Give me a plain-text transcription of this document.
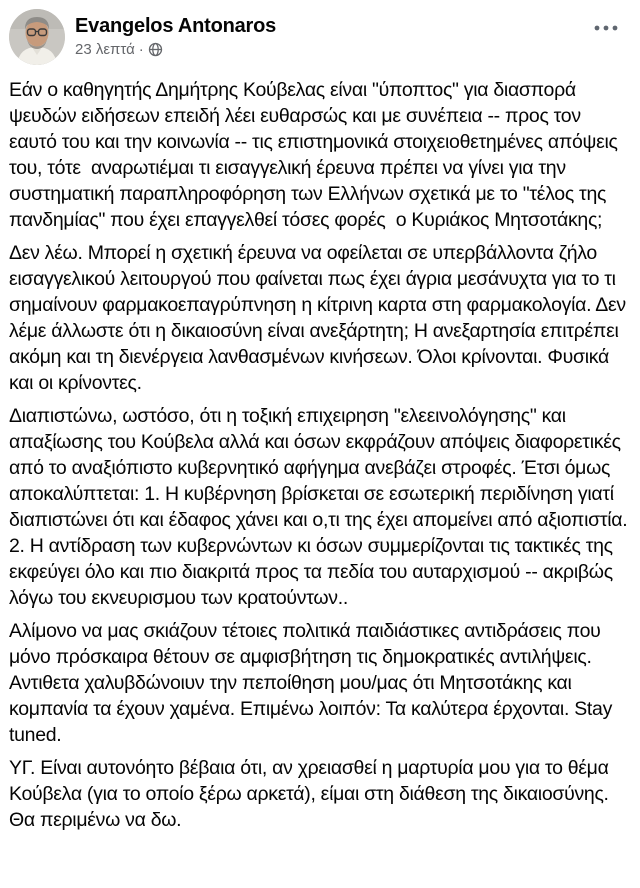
Evangelos Antonaros
23 λεπτά ·

Εάν ο καθηγητής Δημήτρης Κούβελας είναι "ύποπτος" για διασπορά ψευδών ειδήσεων επειδή λέει ευθαρσώς και με συνέπεια -- προς τον εαυτό του και την κοινωνία -- τις επιστημονικά στοιχειοθετημένες απόψεις του, τότε  αναρωτιέμαι τι εισαγγελική έρευνα πρέπει να γίνει για την συστηματική παραπληροφόρηση των Ελλήνων σχετικά με το "τέλος της πανδημίας" που έχει επαγγελθεί τόσες φορές  ο Κυριάκος Μητσοτάκης;

Δεν λέω. Μπορεί η σχετική έρευνα να οφείλεται σε υπερβάλλοντα ζήλο εισαγγελικού λειτουργού που φαίνεται πως έχει άγρια μεσάνυχτα για το τι σημαίνουν φαρμακοεπαγρύπνηση η κίτρινη καρτα στη φαρμακολογία. Δεν λέμε άλλωστε ότι η δικαιοσύνη είναι ανεξάρτητη; Η ανεξαρτησία επιτρέπει ακόμη και τη διενέργεια λανθασμένων κινήσεων. Όλοι κρίνονται. Φυσικά και οι κρίνοντες.

Διαπιστώνω, ωστόσο, ότι η τοξική επιχειρηση "ελεεινολόγησης" και απαξίωσης του Κούβελα αλλά και όσων εκφράζουν απόψεις διαφορετικές από το αναξιόπιστο κυβερνητικό αφήγημα ανεβάζει στροφές. Έτσι όμως αποκαλύπτεται: 1. Η κυβέρνηση βρίσκεται σε εσωτερική περιδίνηση γιατί διαπιστώνει ότι και έδαφος χάνει και ο,τι της έχει απομείνει από αξιοπιστία. 2. Η αντίδραση των κυβερνώντων κι όσων συμμερίζονται τις τακτικές της εκφεύγει όλο και πιο διακριτά προς τα πεδία του αυταρχισμού -- ακριβώς λόγω του εκνευρισμου των κρατούντων..

Αλίμονο να μας σκιάζουν τέτοιες πολιτικά παιδιάστικες αντιδράσεις που μόνο πρόσκαιρα θέτουν σε αμφισβήτηση τις δημοκρατικές αντιλήψεις. Αντιθετα χαλυβδώνοιυν την πεποίθηση μου/μας ότι Μητσοτάκης και κομπανία τα έχουν χαμένα. Επιμένω λοιπόν: Τα καλύτερα έρχονται. Stay tuned.

ΥΓ. Είναι αυτονόητο βέβαια ότι, αν χρειασθεί η μαρτυρία μου για το θέμα Κούβελα (για το οποίο ξέρω αρκετά), είμαι στη διάθεση της δικαιοσύνης. Θα περιμένω να δω.
